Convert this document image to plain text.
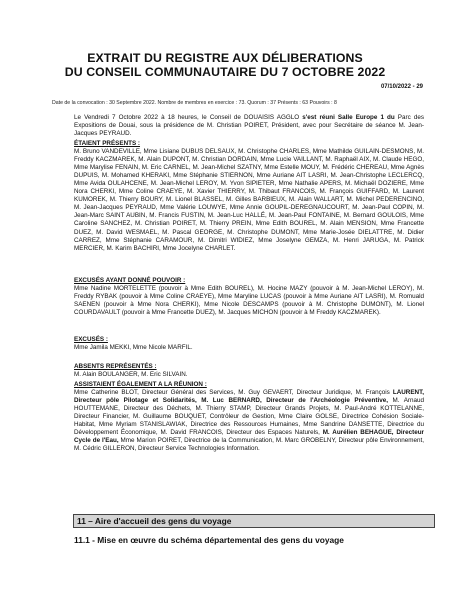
EXTRAIT DU REGISTRE AUX DÉLIBERATIONS
DU CONSEIL COMMUNAUTAIRE DU 7 OCTOBRE 2022
07/10/2022 - 29
Date de la convocation : 30 Septembre 2022. Nombre de membres en exercice : 73. Quorum : 37 Présents : 63 Pouvoirs : 8

Le Vendredi 7 Octobre 2022 à 18 heures, le Conseil de DOUAISIS AGGLO s'est réuni Salle Europe 1 du Parc des Expositions de Douai, sous la présidence de M. Christian POIRET, Président, avec pour Secrétaire de séance M. Jean-Jacques PEYRAUD.

ÉTAIENT PRÉSENTS :

M. Bruno VANDEVILLE, Mme Lisiane DUBUS DELSAUX, M. Christophe CHARLES, Mme Mathilde GUILAIN-DESMONS, M. Freddy KACZMAREK, M. Alain DUPONT, M. Christian DORDAIN, Mme Lucie VAILLANT, M. Raphaël AIX, M. Claude HEGO, Mme Marylise FENAIN, M. Eric CARNEL, M. Jean-Michel SZATNY, Mme Estelle MOUY, M. Frédéric CHEREAU, Mme Agnès DUPUIS, M. Mohamed KHERAKI, Mme Stéphanie STIERNON, Mme Auriane AIT LASRI, M. Jean-Christophe LECLERCQ, Mme Avida OULAHCENE, M. Jean-Michel LEROY, M. Yvon SIPIETER, Mme Nathalie APERS, M. Michaël DOZIERE, Mme Nora CHERKI, Mme Coline CRAEYE, M. Xavier THIERRY, M. Thibaut FRANCOIS, M. François GUIFFARD, M. Laurent KUMOREK, M. Thierry BOURY, M. Lionel BLASSEL, M. Gilles BARBIEUX, M. Alain WALLART, M. Michel PEDERENCINO, M. Jean-Jacques PEYRAUD, Mme Valérie LOUWYE, Mme Annie GOUPIL-DEREGNAUCOURT, M. Jean-Paul COPIN, M. Jean-Marc SAINT AUBIN, M. Francis FUSTIN, M. Jean-Luc HALLÉ, M. Jean-Paul FONTAINE, M. Bernard GOULOIS, Mme Caroline SANCHEZ, M. Christian POIRET, M. Thierry PREIN, Mme Edith BOUREL, M. Alain MENSION, Mme Francette DUEZ, M. David WESMAEL, M. Pascal GEORGE, M. Christophe DUMONT, Mme Marie-Josée DIELATTRE, M. Didier CARREZ, Mme Stéphanie CARAMOUR, M. Dimitri WIDIEZ, Mme Joselyne GEMZA, M. Henri JARUGA, M. Patrick MERCIER, M. Karim BACHIRI, Mme Jocelyne CHARLET.

EXCUSÉS AYANT DONNÉ POUVOIR :

Mme Nadine MORTELETTE (pouvoir à Mme Edith BOUREL), M. Hocine MAZY (pouvoir à M. Jean-Michel LEROY), M. Freddy RYBAK (pouvoir à Mme Coline CRAEYE), Mme Maryline LUCAS (pouvoir à Mme Auriane AIT LASRI), M. Romuald SAENEN (pouvoir à Mme Nora CHERKI), Mme Nicole DESCAMPS (pouvoir à M. Christophe DUMONT), M. Lionel COURDAVAULT (pouvoir à Mme Francette DUEZ), M. Jacques MICHON (pouvoir à M Freddy KACZMAREK).

EXCUSÉS :

Mme Jamila MEKKI, Mme Nicole MARFIL.

ABSENTS REPRÉSENTÉS :

M. Alain BOULANGER, M. Eric SILVAIN.

ASSISTAIENT ÉGALEMENT A LA RÉUNION :

Mme Catherine BLOT, Directeur Général des Services, M. Guy GEVAERT, Directeur Juridique, M. François LAURENT, Directeur pôle Pilotage et Solidarités, M. Luc BERNARD, Directeur de l'Archéologie Préventive, M. Arnaud HOUTTEMANE, Directeur des Déchets, M. Thierry STAMP, Directeur Grands Projets, M. Paul-André KOTTELANNE, Directeur Financier, M. Guillaume BOUQUET, Contrôleur de Gestion, Mme Claire GOLSE, Directrice Cohésion Sociale-Habitat, Mme Myriam STANISLAWIAK, Directrice des Ressources Humaines, Mme Sandrine DANSETTE, Directrice du Développement Économique, M. David FRANCOIS, Directeur des Espaces Naturels, M. Aurélien BEHAGUE, Directeur Cycle de l'Eau, Mme Marion POIRET, Directrice de la Communication, M. Marc GROBELNY, Directeur pôle Environnement, M. Cédric GILLERON, Directeur Service Technologies Information.

11 – Aire d'accueil des gens du voyage
11.1 - Mise en œuvre du schéma départemental des gens du voyage
